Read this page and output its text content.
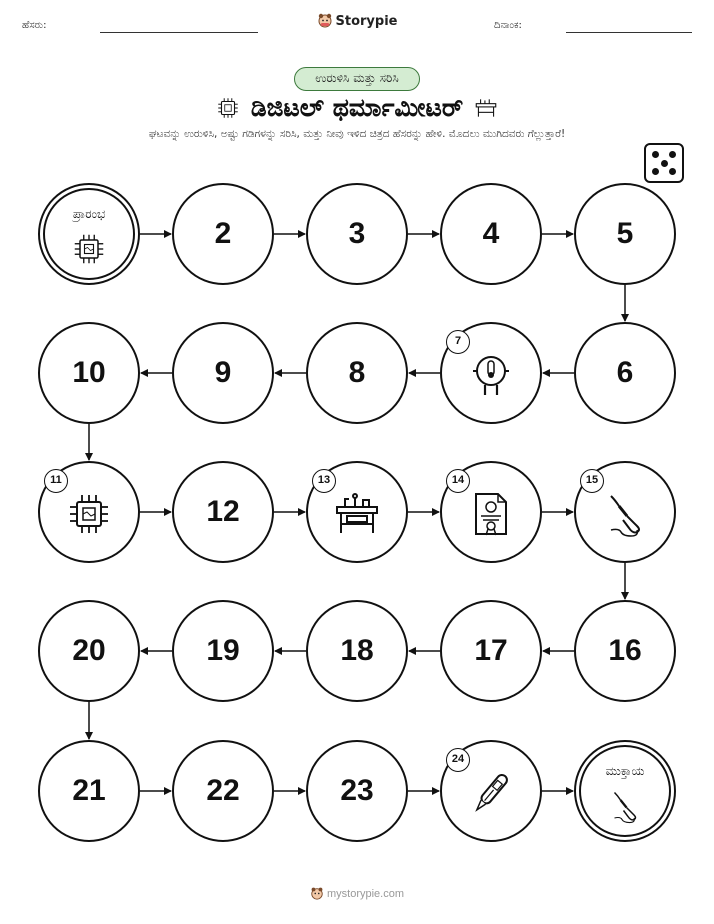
ಹೆಸರು:	Storypie	ದಿನಾಂಕ:
ಉರುಳಿಸಿ ಮತ್ತು ಸರಿಸಿ
ಡಿಜಿಟಲ್ ಥರ್ಮಾಮೀಟರ್
ಘಟವನ್ನು ಉರುಳಿಸಿ, ಅಷ್ಟು ಗಡಿಗಳನ್ನು ಸರಿಸಿ, ಮತ್ತು ನೀವು ಇಳಿದ ಚಿತ್ರದ ಹೆಸರನ್ನು ಹೇಳಿ. ಮೊದಲು ಮುಗಿದವರು ಗೆಲ್ಲುತ್ತಾರೆ!
ಪ್ರಾರಂಭ
2	3	4	5
6
7
8
9
10
11
12
13	14	15
16
17
18
19
20
21	22	23
24
ಮುಕ್ತಾಯ
mystorypie.com
